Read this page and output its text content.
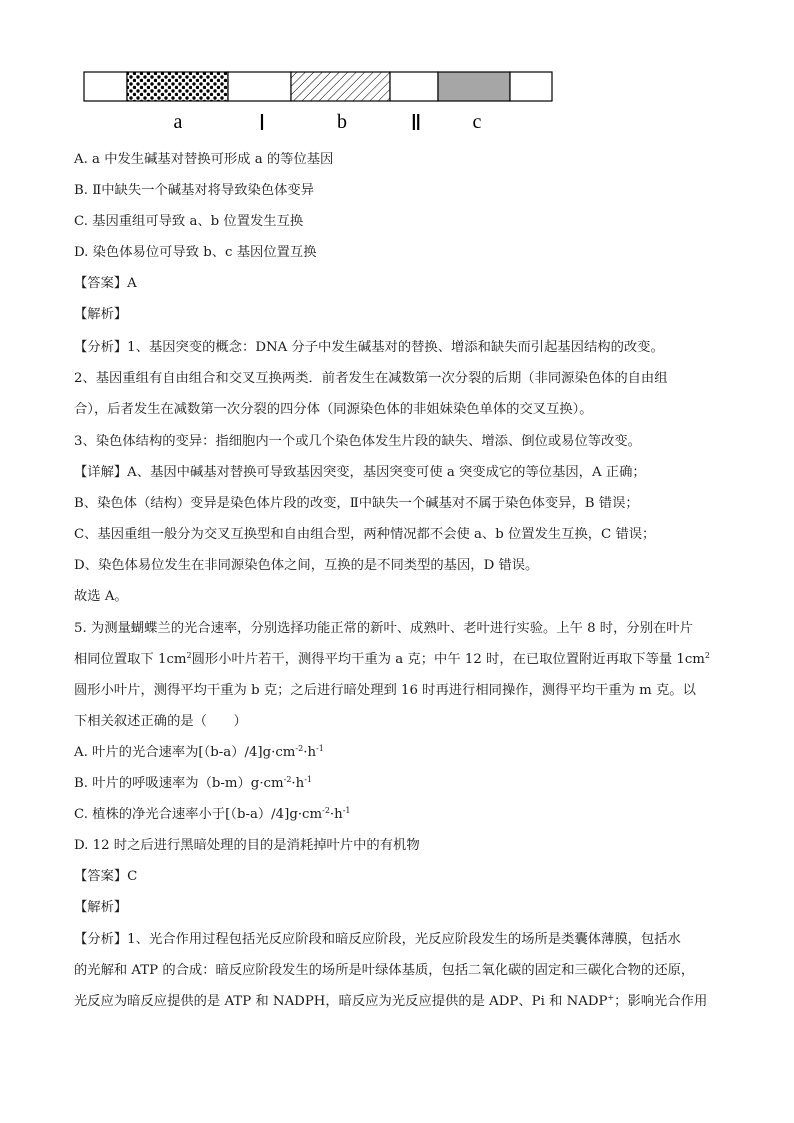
a	Ⅰ	b	Ⅱ	c
A. a 中发生碱基对替换可形成 a 的等位基因
B. Ⅱ中缺失一个碱基对将导致染色体变异
C. 基因重组可导致 a、b 位置发生互换
D. 染色体易位可导致 b、c 基因位置互换
【答案】A
【解析】
【分析】1、基因突变的概念：DNA 分子中发生碱基对的替换、增添和缺失而引起基因结构的改变。
2、基因重组有自由组合和交叉互换两类．前者发生在减数第一次分裂的后期（非同源染色体的自由组
合），后者发生在减数第一次分裂的四分体（同源染色体的非姐妹染色单体的交叉互换）。
3、染色体结构的变异：指细胞内一个或几个染色体发生片段的缺失、增添、倒位或易位等改变。
【详解】A、基因中碱基对替换可导致基因突变，基因突变可使 a 突变成它的等位基因，A 正确；
B、染色体（结构）变异是染色体片段的改变，Ⅱ中缺失一个碱基对不属于染色体变异，B 错误；
C、基因重组一般分为交叉互换型和自由组合型，两种情况都不会使 a、b 位置发生互换，C 错误；
D、染色体易位发生在非同源染色体之间，互换的是不同类型的基因，D 错误。
故选 A。
5. 为测量蝴蝶兰的光合速率，分别选择功能正常的新叶、成熟叶、老叶进行实验。上午 8 时，分别在叶片
相同位置取下 $1cm^2$圆形小叶片若干，测得平均干重为 a 克；中午 12 时，在已取位置附近再取下等量 $1cm^2$
圆形小叶片，测得平均干重为 b 克；之后进行暗处理到 16 时再进行相同操作，测得平均干重为 m 克。以
下相关叙述正确的是（　　）
A. 叶片的光合速率为$[(b-a)/4]g\cdot cm^{-2}\cdot h^{-1}$
B. 叶片的呼吸速率为$(b-m)g\cdot cm^{-2}\cdot h^{-1}$
C. 植株的净光合速率小于$[(b-a)/4]g\cdot cm^{-2}\cdot h^{-1}$
D. 12 时之后进行黑暗处理的目的是消耗掉叶片中的有机物
【答案】C
【解析】
【分析】1、光合作用过程包括光反应阶段和暗反应阶段，光反应阶段发生的场所是类囊体薄膜，包括水
的光解和 ATP 的合成：暗反应阶段发生的场所是叶绿体基质，包括二氧化碳的固定和三碳化合物的还原，
光反应为暗反应提供的是 ATP 和 NADPH，暗反应为光反应提供的是 ADP、Pi 和 NADP+；影响光合作用
